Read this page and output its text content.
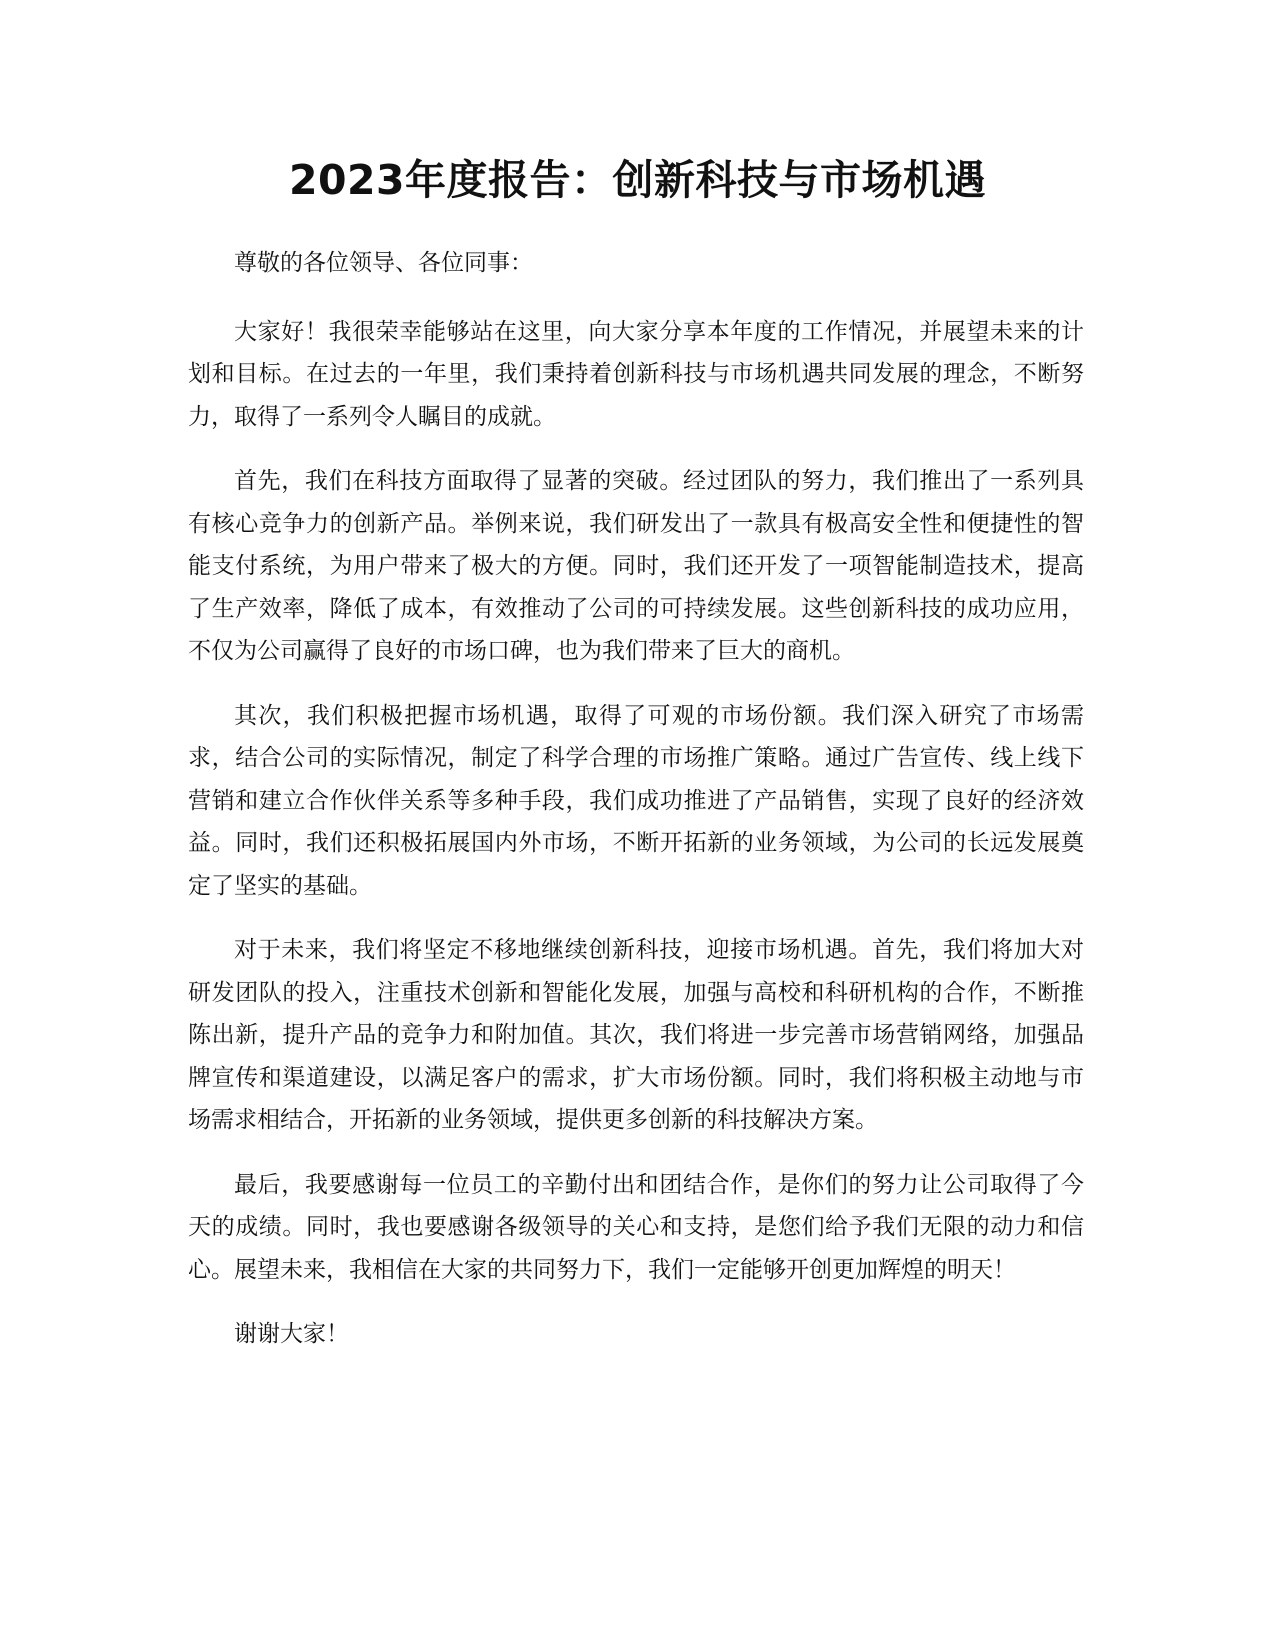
2023年度报告：创新科技与市场机遇

尊敬的各位领导、各位同事：

大家好！我很荣幸能够站在这里，向大家分享本年度的工作情况，并展望未来的计划和目标。在过去的一年里，我们秉持着创新科技与市场机遇共同发展的理念，不断努力，取得了一系列令人瞩目的成就。

首先，我们在科技方面取得了显著的突破。经过团队的努力，我们推出了一系列具有核心竞争力的创新产品。举例来说，我们研发出了一款具有极高安全性和便捷性的智能支付系统，为用户带来了极大的方便。同时，我们还开发了一项智能制造技术，提高了生产效率，降低了成本，有效推动了公司的可持续发展。这些创新科技的成功应用，不仅为公司赢得了良好的市场口碑，也为我们带来了巨大的商机。

其次，我们积极把握市场机遇，取得了可观的市场份额。我们深入研究了市场需求，结合公司的实际情况，制定了科学合理的市场推广策略。通过广告宣传、线上线下营销和建立合作伙伴关系等多种手段，我们成功推进了产品销售，实现了良好的经济效益。同时，我们还积极拓展国内外市场，不断开拓新的业务领域，为公司的长远发展奠定了坚实的基础。

对于未来，我们将坚定不移地继续创新科技，迎接市场机遇。首先，我们将加大对研发团队的投入，注重技术创新和智能化发展，加强与高校和科研机构的合作，不断推陈出新，提升产品的竞争力和附加值。其次，我们将进一步完善市场营销网络，加强品牌宣传和渠道建设，以满足客户的需求，扩大市场份额。同时，我们将积极主动地与市场需求相结合，开拓新的业务领域，提供更多创新的科技解决方案。

最后，我要感谢每一位员工的辛勤付出和团结合作，是你们的努力让公司取得了今天的成绩。同时，我也要感谢各级领导的关心和支持，是您们给予我们无限的动力和信心。展望未来，我相信在大家的共同努力下，我们一定能够开创更加辉煌的明天！

谢谢大家！
